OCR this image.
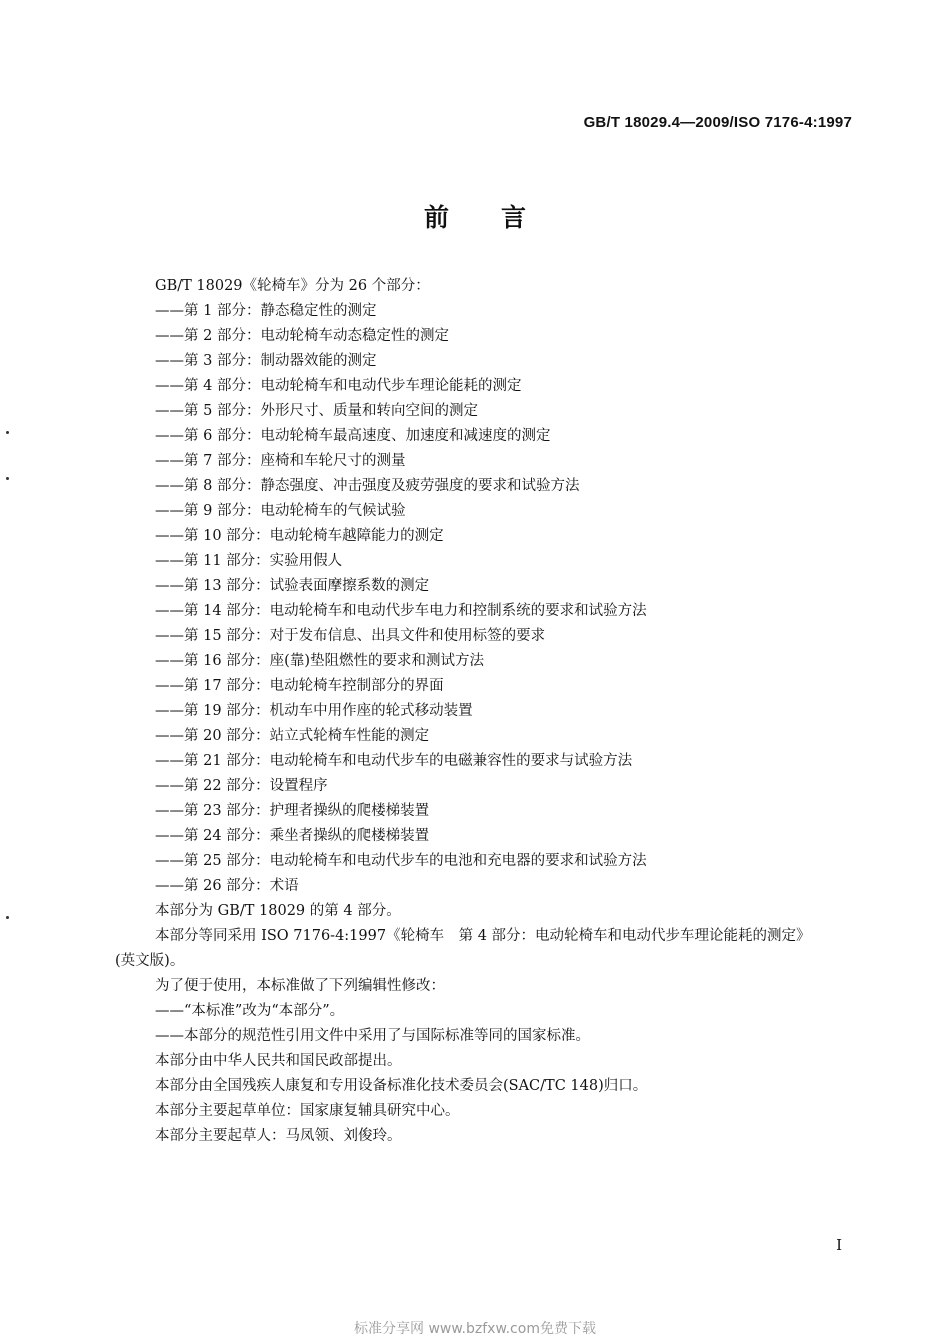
GB/T 18029.4—2009/ISO 7176-4:1997
前言
GB/T 18029《轮椅车》分为 26 个部分：
——第 1 部分：静态稳定性的测定
——第 2 部分：电动轮椅车动态稳定性的测定
——第 3 部分：制动器效能的测定
——第 4 部分：电动轮椅车和电动代步车理论能耗的测定
——第 5 部分：外形尺寸、质量和转向空间的测定
——第 6 部分：电动轮椅车最高速度、加速度和减速度的测定
——第 7 部分：座椅和车轮尺寸的测量
——第 8 部分：静态强度、冲击强度及疲劳强度的要求和试验方法
——第 9 部分：电动轮椅车的气候试验
——第 10 部分：电动轮椅车越障能力的测定
——第 11 部分：实验用假人
——第 13 部分：试验表面摩擦系数的测定
——第 14 部分：电动轮椅车和电动代步车电力和控制系统的要求和试验方法
——第 15 部分：对于发布信息、出具文件和使用标签的要求
——第 16 部分：座(靠)垫阻燃性的要求和测试方法
——第 17 部分：电动轮椅车控制部分的界面
——第 19 部分：机动车中用作座的轮式移动装置
——第 20 部分：站立式轮椅车性能的测定
——第 21 部分：电动轮椅车和电动代步车的电磁兼容性的要求与试验方法
——第 22 部分：设置程序
——第 23 部分：护理者操纵的爬楼梯装置
——第 24 部分：乘坐者操纵的爬楼梯装置
——第 25 部分：电动轮椅车和电动代步车的电池和充电器的要求和试验方法
——第 26 部分：术语
本部分为 GB/T 18029 的第 4 部分。
本部分等同采用 ISO 7176-4:1997《轮椅车　第 4 部分：电动轮椅车和电动代步车理论能耗的测定》
(英文版)。
为了便于使用，本标准做了下列编辑性修改：
——“本标准”改为“本部分”。
——本部分的规范性引用文件中采用了与国际标准等同的国家标准。
本部分由中华人民共和国民政部提出。
本部分由全国残疾人康复和专用设备标准化技术委员会(SAC/TC 148)归口。
本部分主要起草单位：国家康复辅具研究中心。
本部分主要起草人：马凤领、刘俊玲。
I
标准分享网 www.bzfxw.com免费下载
